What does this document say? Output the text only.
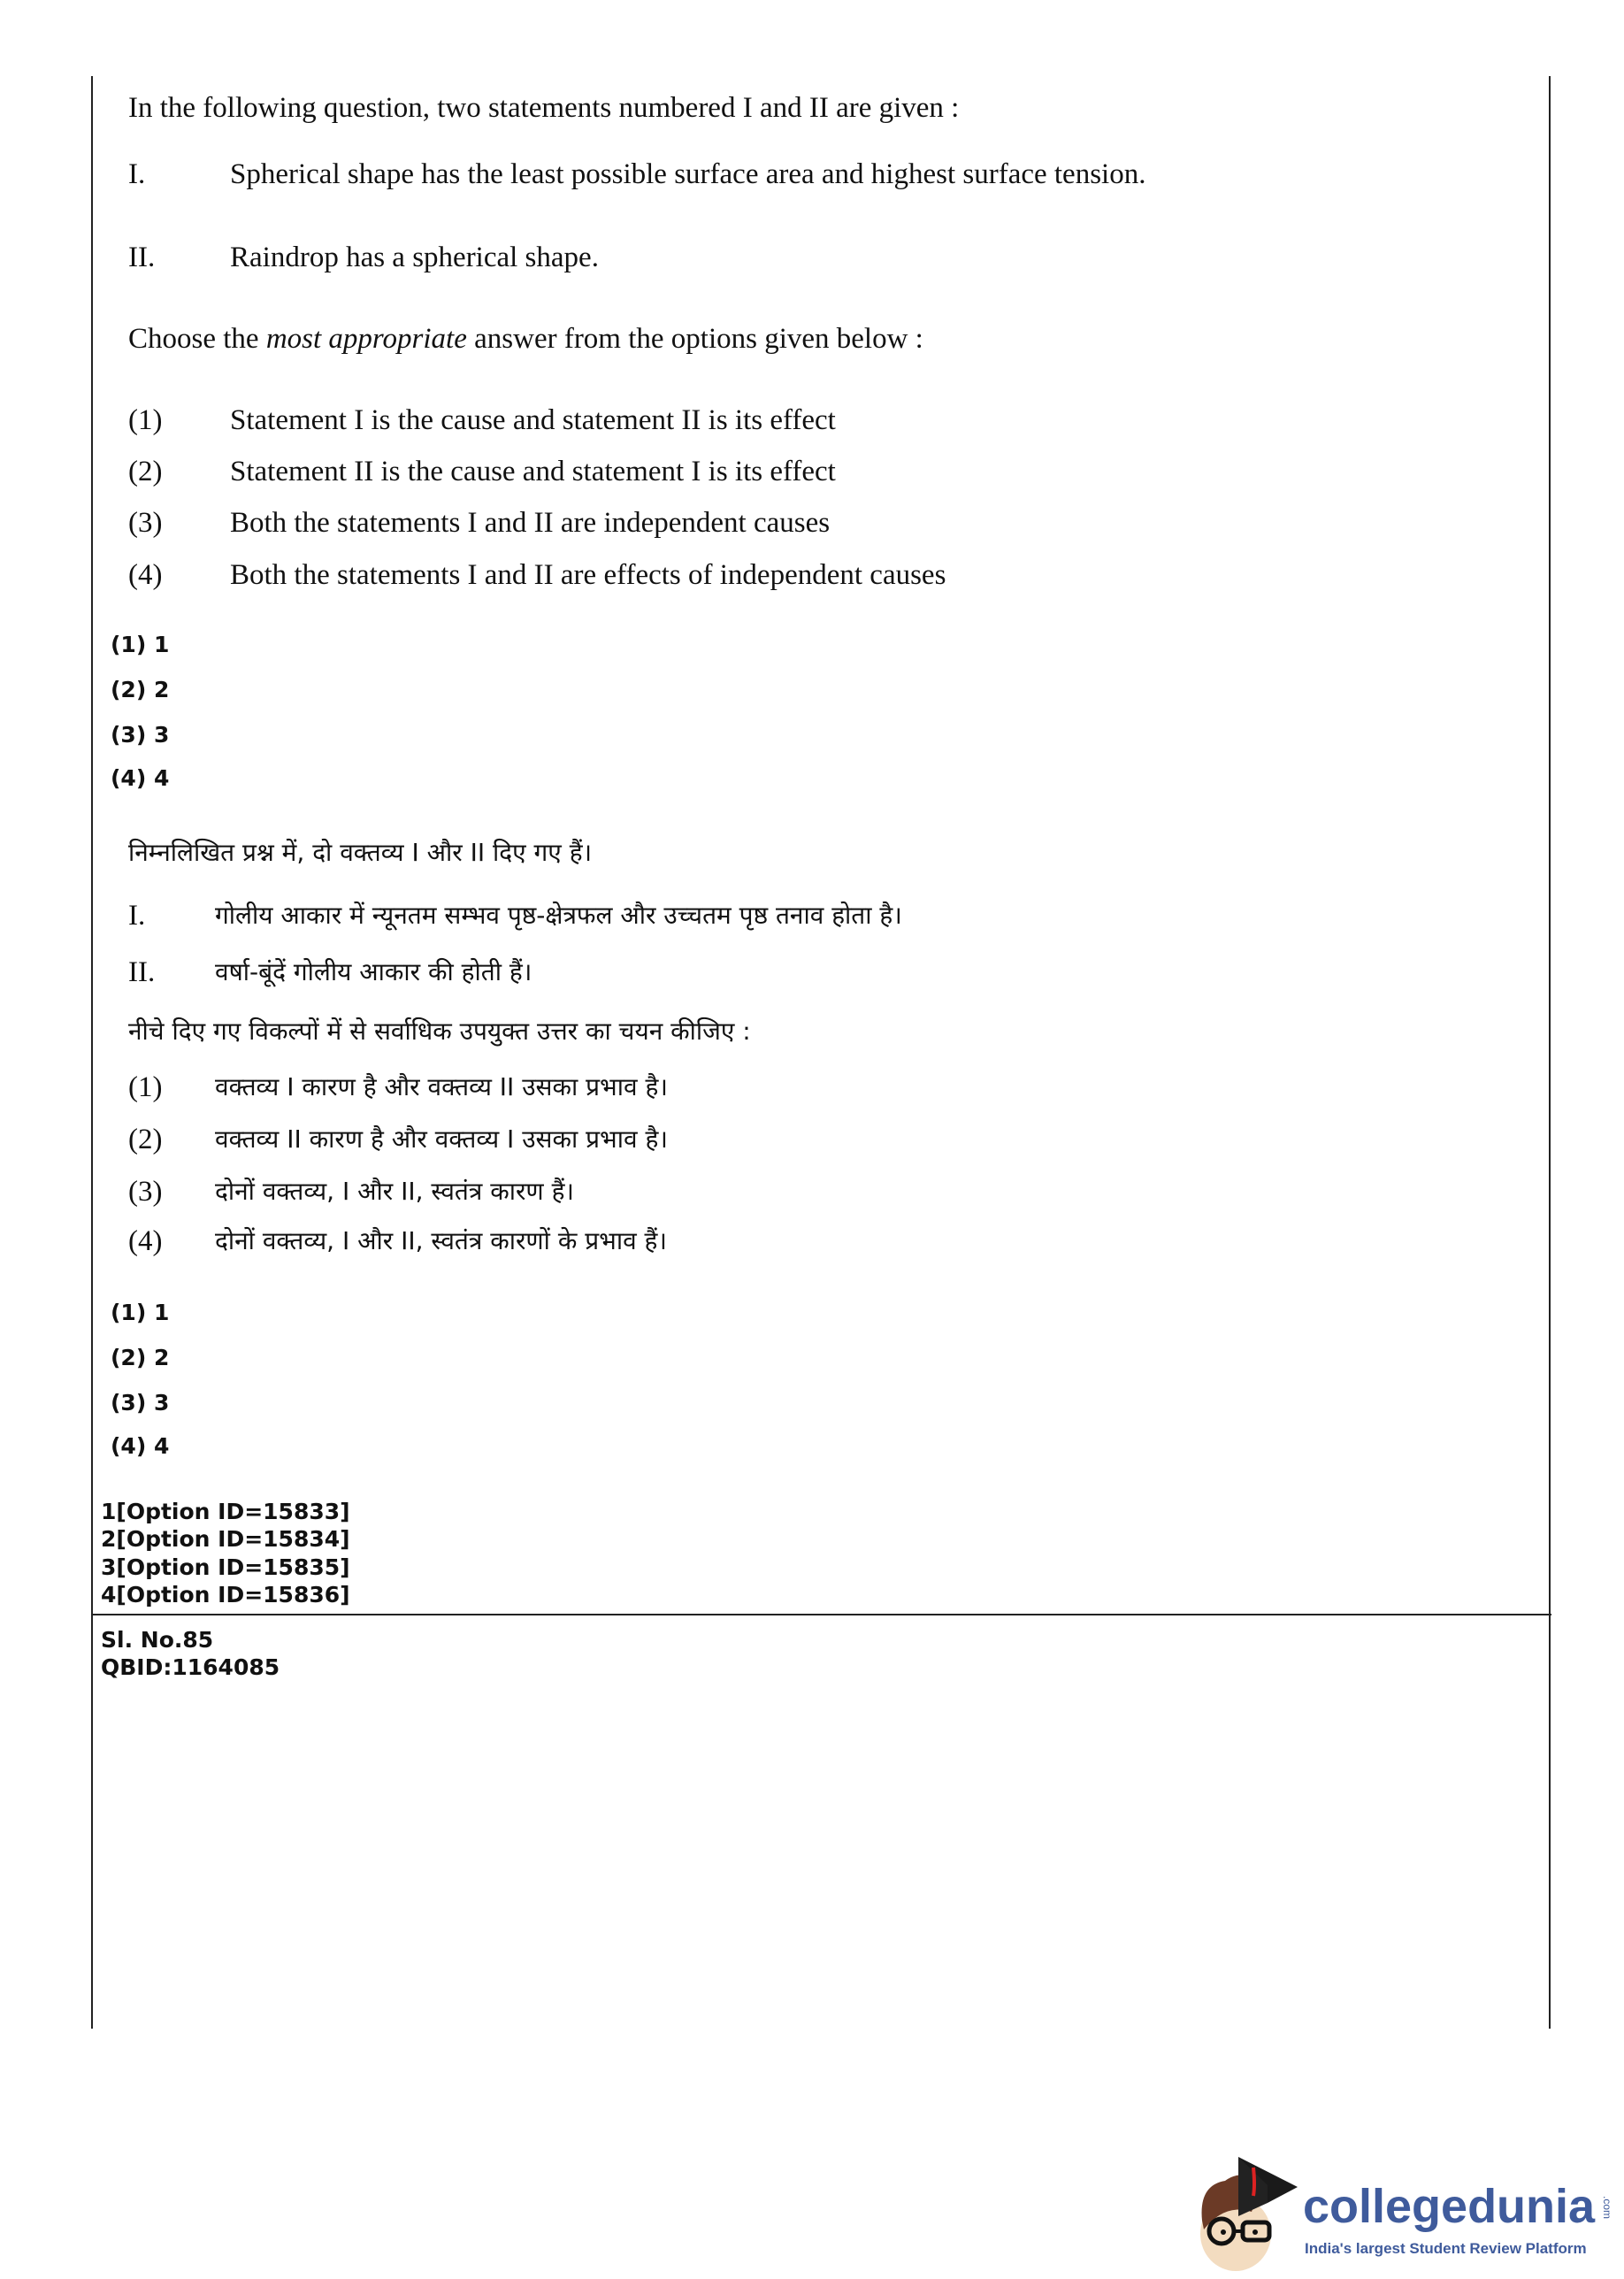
In the following question, two statements numbered I and II are given :
I.	Spherical shape has the least possible surface area and highest surface tension.
II.	Raindrop has a spherical shape.
Choose the most appropriate answer from the options given below :
(1) Statement I is the cause and statement II is its effect
(2) Statement II is the cause and statement I is its effect
(3) Both the statements I and II are independent causes
(4) Both the statements I and II are effects of independent causes
(1) 1
(2) 2
(3) 3
(4) 4
निम्नलिखित प्रश्न में, दो वक्तव्य I और II दिए गए हैं।
I.	गोलीय आकार में न्यूनतम सम्भव पृष्ठ-क्षेत्रफल और उच्चतम पृष्ठ तनाव होता है।
II. वर्षा-बूंदें गोलीय आकार की होती हैं।
नीचे दिए गए विकल्पों में से सर्वाधिक उपयुक्त उत्तर का चयन कीजिए :
(1) वक्तव्य I कारण है और वक्तव्य II उसका प्रभाव है।
(2) वक्तव्य II कारण है और वक्तव्य I उसका प्रभाव है।
(3) दोनों वक्तव्य, I और II, स्वतंत्र कारण हैं।
(4) दोनों वक्तव्य, I और II, स्वतंत्र कारणों के प्रभाव हैं।
(1) 1
(2) 2
(3) 3
(4) 4
1[Option ID=15833]
2[Option ID=15834]
3[Option ID=15835]
4[Option ID=15836]
Sl. No.85
QBID:1164085
collegedunia .com
India's largest Student Review Platform
